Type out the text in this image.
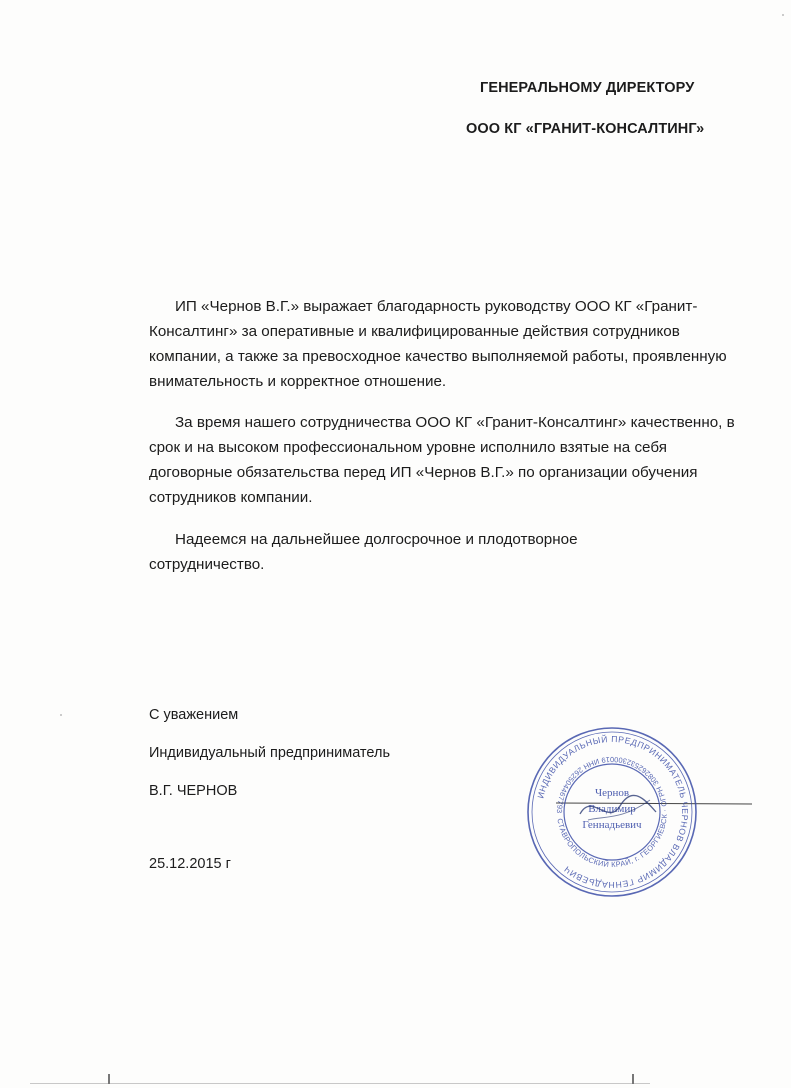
ГЕНЕРАЛЬНОМУ ДИРЕКТОРУ
ООО КГ «ГРАНИТ-КОНСАЛТИНГ»

ИП «Чернов В.Г.» выражает благодарность руководству ООО КГ «Гранит-Консалтинг» за оперативные и квалифицированные действия сотрудников компании, а также за превосходное качество выполняемой работы, проявленную внимательность и корректное отношение.

За время нашего сотрудничества ООО КГ «Гранит-Консалтинг» качественно, в срок и на высоком профессиональном уровне исполнило взятые на себя договорные обязательства перед ИП «Чернов В.Г.» по организации обучения сотрудников компании.

Надеемся на дальнейшее долгосрочное и плодотворное сотрудничество.

С уважением
Индивидуальный предприниматель
В.Г. ЧЕРНОВ
25.12.2015 г
ИНДИВИДУАЛЬНЫЙ ПРЕДПРИНИМАТЕЛЬ ЧЕРНОВ ВЛАДИМИР ГЕННАДЬЕВИЧ
СТАВРОПОЛЬСКИЙ КРАЙ, г. ГЕОРГИЕВСК · ОГРН 308262532300019 ИНН 262504467793
Чернов
Владимир
Геннадьевич
